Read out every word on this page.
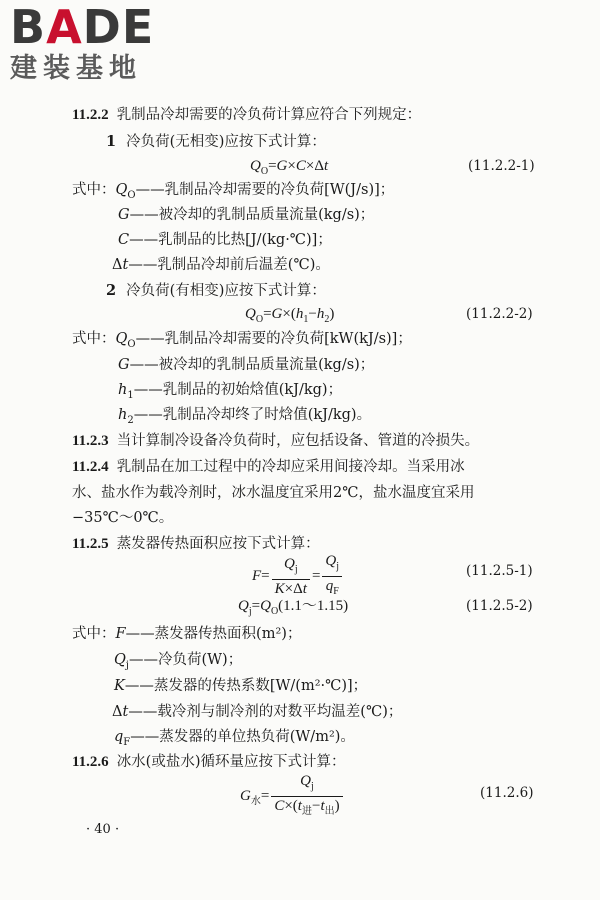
BADE
建装基地
11.2.2 乳制品冷却需要的冷负荷计算应符合下列规定：
1 冷负荷(无相变)应按下式计算：
$Q_O=G\times C\times\Delta t$	(11.2.2-1)
式中：$Q_O——$乳制品冷却需要的冷负荷[W(J/s)]；
G——被冷却的乳制品质量流量(kg/s)；
C——乳制品的比热[J/(kg·℃)]；
Δt——乳制品冷却前后温差(℃)。
2 冷负荷(有相变)应按下式计算：
$Q_O=G\times(h_1-h_2)$	(11.2.2-2)
式中：$Q_O——$乳制品冷却需要的冷负荷[kW(kJ/s)]；
G——被冷却的乳制品质量流量(kg/s)；
$h_1——$乳制品的初始焓值(kJ/kg)；
$h_2——$乳制品冷却终了时焓值(kJ/kg)。
11.2.3 当计算制冷设备冷负荷时，应包括设备、管道的冷损失。
11.2.4 乳制品在加工过程中的冷却应采用间接冷却。当采用冰
水、盐水作为载冷剂时，冰水温度宜采用2℃，盐水温度宜采用
−35℃～0℃。
11.2.5 蒸发器传热面积应按下式计算：
$F= \frac{Q_j}{K\times\Delta t} = \frac{Q_j}{q_F}$	(11.2.5-1)
$Q_j=Q_O(1.1\sim 1.15)$	(11.2.5-2)
式中：F——蒸发器传热面积(m²)；
$Q_j——$冷负荷(W)；
K——蒸发器的传热系数[W/(m²·℃)]；
Δt——载冷剂与制冷剂的对数平均温差(℃)；
$q_F——$蒸发器的单位热负荷(W/m²)。
11.2.6 冰水(或盐水)循环量应按下式计算：
$G_水= \frac{Q_j}{C\times(t_进-t_出)}$	(11.2.6)
· 40 ·
